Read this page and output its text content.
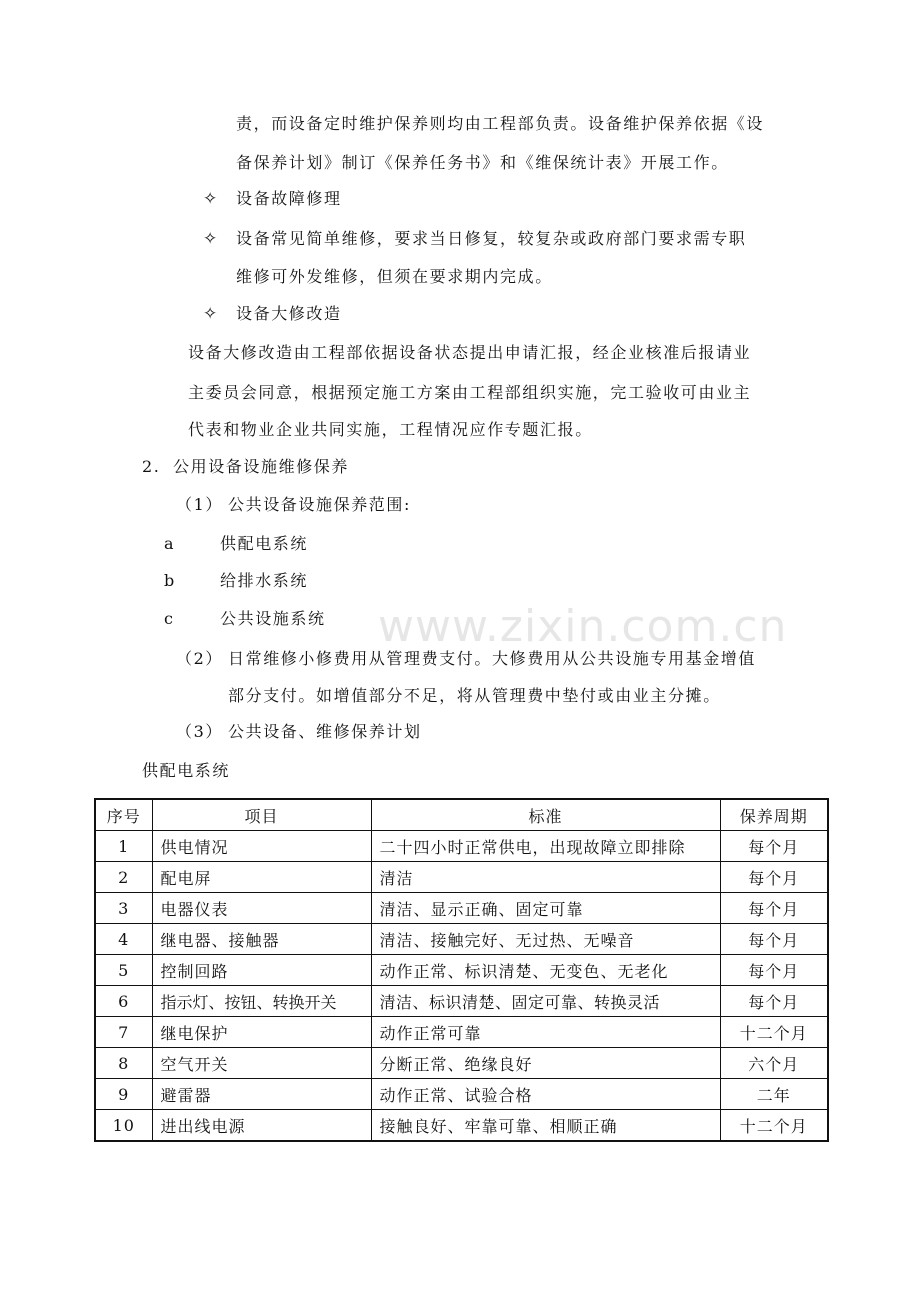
责，而设备定时维护保养则均由工程部负责。设备维护保养依据《设
备保养计划》制订《保养任务书》和《维保统计表》开展工作。
✧ 设备故障修理
✧ 设备常见简单维修，要求当日修复，较复杂或政府部门要求需专职
维修可外发维修，但须在要求期内完成。
✧ 设备大修改造
设备大修改造由工程部依据设备状态提出申请汇报，经企业核准后报请业
主委员会同意，根据预定施工方案由工程部组织实施，完工验收可由业主
代表和物业企业共同实施，工程情况应作专题汇报。
2. 公用设备设施维修保养
（1） 公共设备设施保养范围:
a	供配电系统
b	给排水系统
c	公共设施系统
（2） 日常维修小修费用从管理费支付。大修费用从公共设施专用基金增值
部分支付。如增值部分不足，将从管理费中垫付或由业主分摊。
（3） 公共设备、维修保养计划
供配电系统
序号	项目	标准	保养周期
1	供电情况	二十四小时正常供电，出现故障立即排除	每个月
2	配电屏	清洁	每个月
3	电器仪表	清洁、显示正确、固定可靠	每个月
4	继电器、接触器	清洁、接触完好、无过热、无噪音	每个月
5	控制回路	动作正常、标识清楚、无变色、无老化	每个月
6	指示灯、按钮、转换开关	清洁、标识清楚、固定可靠、转换灵活	每个月
7	继电保护	动作正常可靠	十二个月
8	空气开关	分断正常、绝缘良好	六个月
9	避雷器	动作正常、试验合格	二年
10	进出线电源	接触良好、牢靠可靠、相顺正确	十二个月
www.zixin.com.cn
